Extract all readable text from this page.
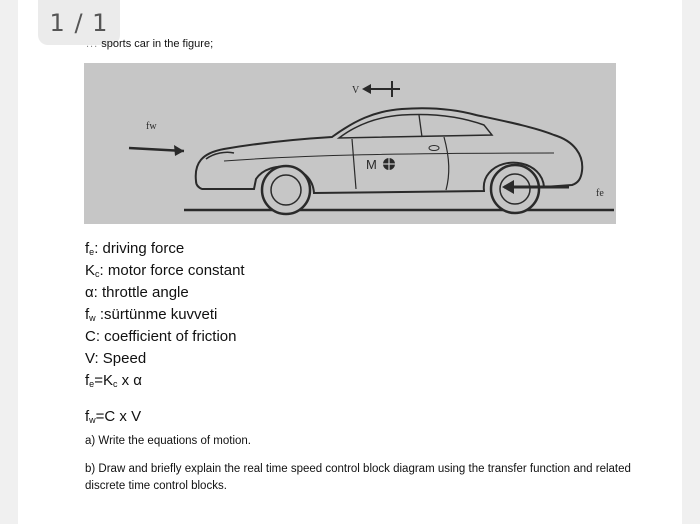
1 / 1
... sports car in the figure;
M
fw
fe
V
$f_e$: driving force
$K_c$: motor force constant
α: throttle angle
$f_w$ :sürtünme kuvveti
C: coefficient of friction
V: Speed
$f_e=K_c$ x α
$f_w=C$ x V
a) Write the equations of motion.
b) Draw and briefly explain the real time speed control block diagram using the transfer function and related discrete time control blocks.
